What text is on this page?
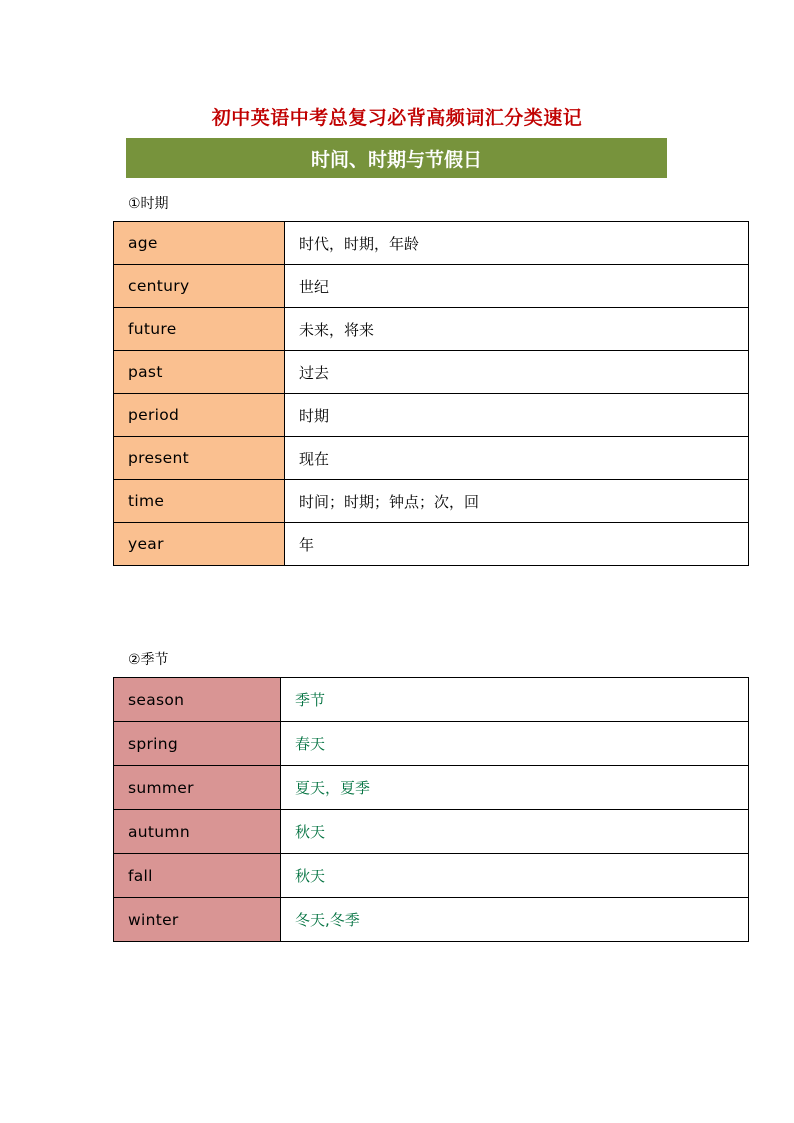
初中英语中考总复习必背高频词汇分类速记
时间、时期与节假日
①时期
age	时代，时期，年龄
century	世纪
future	未来，将来
past	过去
period	时期
present	现在
time	时间；时期；钟点；次，回
year	年
②季节
season	季节
spring	春天
summer	夏天，夏季
autumn	秋天
fall	秋天
winter	冬天,冬季
